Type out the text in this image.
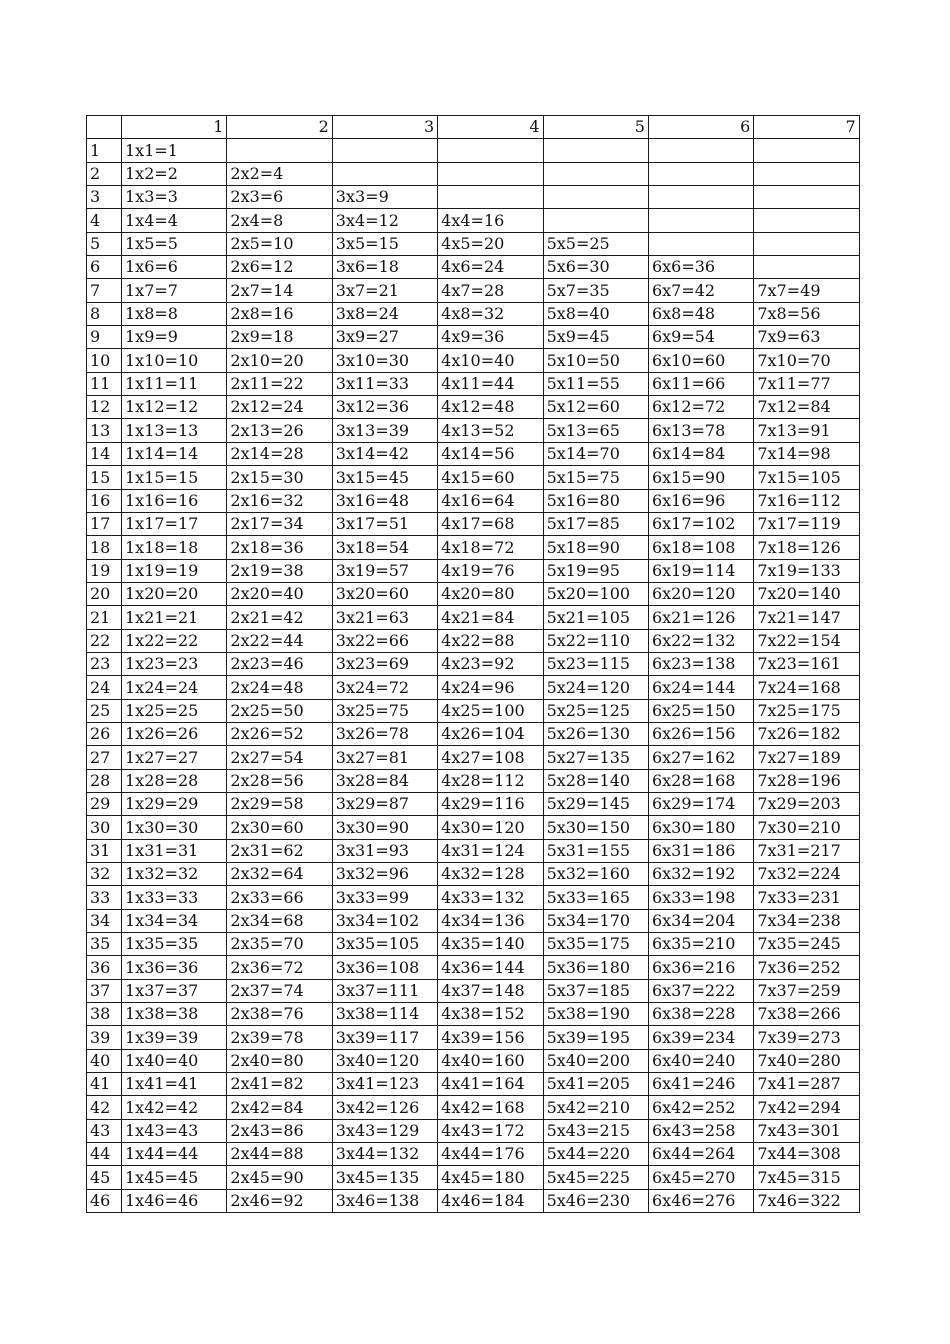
	1	2	3	4	5	6	7
1	1x1=1						
2	1x2=2	2x2=4					
3	1x3=3	2x3=6	3x3=9				
4	1x4=4	2x4=8	3x4=12	4x4=16			
5	1x5=5	2x5=10	3x5=15	4x5=20	5x5=25		
6	1x6=6	2x6=12	3x6=18	4x6=24	5x6=30	6x6=36	
7	1x7=7	2x7=14	3x7=21	4x7=28	5x7=35	6x7=42	7x7=49
8	1x8=8	2x8=16	3x8=24	4x8=32	5x8=40	6x8=48	7x8=56
9	1x9=9	2x9=18	3x9=27	4x9=36	5x9=45	6x9=54	7x9=63
10	1x10=10	2x10=20	3x10=30	4x10=40	5x10=50	6x10=60	7x10=70
11	1x11=11	2x11=22	3x11=33	4x11=44	5x11=55	6x11=66	7x11=77
12	1x12=12	2x12=24	3x12=36	4x12=48	5x12=60	6x12=72	7x12=84
13	1x13=13	2x13=26	3x13=39	4x13=52	5x13=65	6x13=78	7x13=91
14	1x14=14	2x14=28	3x14=42	4x14=56	5x14=70	6x14=84	7x14=98
15	1x15=15	2x15=30	3x15=45	4x15=60	5x15=75	6x15=90	7x15=105
16	1x16=16	2x16=32	3x16=48	4x16=64	5x16=80	6x16=96	7x16=112
17	1x17=17	2x17=34	3x17=51	4x17=68	5x17=85	6x17=102	7x17=119
18	1x18=18	2x18=36	3x18=54	4x18=72	5x18=90	6x18=108	7x18=126
19	1x19=19	2x19=38	3x19=57	4x19=76	5x19=95	6x19=114	7x19=133
20	1x20=20	2x20=40	3x20=60	4x20=80	5x20=100	6x20=120	7x20=140
21	1x21=21	2x21=42	3x21=63	4x21=84	5x21=105	6x21=126	7x21=147
22	1x22=22	2x22=44	3x22=66	4x22=88	5x22=110	6x22=132	7x22=154
23	1x23=23	2x23=46	3x23=69	4x23=92	5x23=115	6x23=138	7x23=161
24	1x24=24	2x24=48	3x24=72	4x24=96	5x24=120	6x24=144	7x24=168
25	1x25=25	2x25=50	3x25=75	4x25=100	5x25=125	6x25=150	7x25=175
26	1x26=26	2x26=52	3x26=78	4x26=104	5x26=130	6x26=156	7x26=182
27	1x27=27	2x27=54	3x27=81	4x27=108	5x27=135	6x27=162	7x27=189
28	1x28=28	2x28=56	3x28=84	4x28=112	5x28=140	6x28=168	7x28=196
29	1x29=29	2x29=58	3x29=87	4x29=116	5x29=145	6x29=174	7x29=203
30	1x30=30	2x30=60	3x30=90	4x30=120	5x30=150	6x30=180	7x30=210
31	1x31=31	2x31=62	3x31=93	4x31=124	5x31=155	6x31=186	7x31=217
32	1x32=32	2x32=64	3x32=96	4x32=128	5x32=160	6x32=192	7x32=224
33	1x33=33	2x33=66	3x33=99	4x33=132	5x33=165	6x33=198	7x33=231
34	1x34=34	2x34=68	3x34=102	4x34=136	5x34=170	6x34=204	7x34=238
35	1x35=35	2x35=70	3x35=105	4x35=140	5x35=175	6x35=210	7x35=245
36	1x36=36	2x36=72	3x36=108	4x36=144	5x36=180	6x36=216	7x36=252
37	1x37=37	2x37=74	3x37=111	4x37=148	5x37=185	6x37=222	7x37=259
38	1x38=38	2x38=76	3x38=114	4x38=152	5x38=190	6x38=228	7x38=266
39	1x39=39	2x39=78	3x39=117	4x39=156	5x39=195	6x39=234	7x39=273
40	1x40=40	2x40=80	3x40=120	4x40=160	5x40=200	6x40=240	7x40=280
41	1x41=41	2x41=82	3x41=123	4x41=164	5x41=205	6x41=246	7x41=287
42	1x42=42	2x42=84	3x42=126	4x42=168	5x42=210	6x42=252	7x42=294
43	1x43=43	2x43=86	3x43=129	4x43=172	5x43=215	6x43=258	7x43=301
44	1x44=44	2x44=88	3x44=132	4x44=176	5x44=220	6x44=264	7x44=308
45	1x45=45	2x45=90	3x45=135	4x45=180	5x45=225	6x45=270	7x45=315
46	1x46=46	2x46=92	3x46=138	4x46=184	5x46=230	6x46=276	7x46=322
